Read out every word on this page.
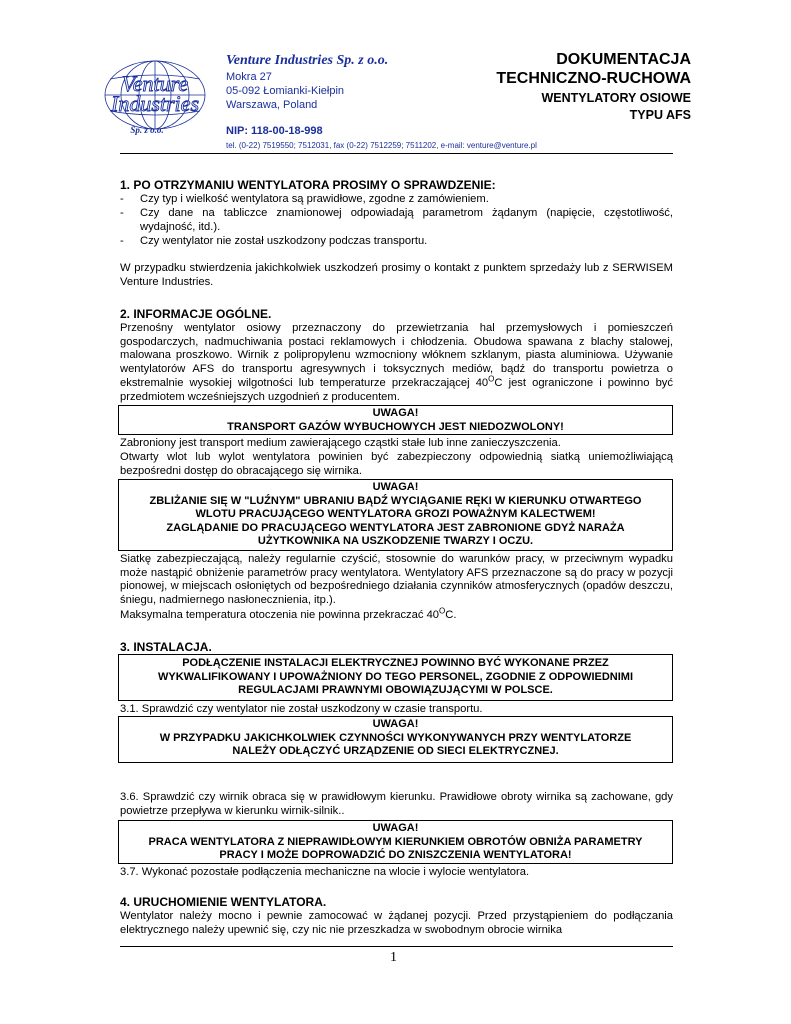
Venture
Industries
Sp. z o.o.
Venture Industries Sp. z o.o.
Mokra 27
05-092 Łomianki-Kiełpin
Warszawa, Poland
NIP: 118-00-18-998
tel. (0-22) 7519550; 7512031, fax (0-22) 7512259; 7511202, e-mail: venture@venture.pl
DOKUMENTACJA
TECHNICZNO-RUCHOWA
WENTYLATORY OSIOWE
TYPU AFS
1. PO OTRZYMANIU WENTYLATORA PROSIMY O SPRAWDZENIE:
- Czy typ i wielkość wentylatora są prawidłowe, zgodne z zamówieniem.
- Czy dane na tabliczce znamionowej odpowiadają parametrom żądanym (napięcie, częstotliwość, wydajność, itd.).
- Czy wentylator nie został uszkodzony podczas transportu.
W przypadku stwierdzenia jakichkolwiek uszkodzeń prosimy o kontakt z punktem sprzedaży lub z SERWISEM Venture Industries.
2. INFORMACJE OGÓLNE.
Przenośny wentylator osiowy przeznaczony do przewietrzania hal przemysłowych i pomieszczeń gospodarczych, nadmuchiwania postaci reklamowych i chłodzenia. Obudowa spawana z blachy stalowej, malowana proszkowo. Wirnik z polipropylenu wzmocniony włóknem szklanym, piasta aluminiowa. Używanie wentylatorów AFS do transportu agresywnych i toksycznych mediów, bądź do transportu powietrza o ekstremalnie wysokiej wilgotności lub temperaturze przekraczającej $40^OC$ jest ograniczone i powinno być przedmiotem wcześniejszych uzgodnień z producentem.
UWAGA!
TRANSPORT GAZÓW WYBUCHOWYCH JEST NIEDOZWOLONY!
Zabroniony jest transport medium zawierającego cząstki stałe lub inne zanieczyszczenia.
Otwarty wlot lub wylot wentylatora powinien być zabezpieczony odpowiednią siatką uniemożliwiającą bezpośredni dostęp do obracającego się wirnika.
UWAGA!
ZBLIŻANIE SIĘ W "LUŹNYM" UBRANIU BĄDŹ WYCIĄGANIE RĘKI W KIERUNKU OTWARTEGO
WLOTU PRACUJĄCEGO WENTYLATORA GROZI POWAŻNYM KALECTWEM!
ZAGLĄDANIE DO PRACUJĄCEGO WENTYLATORA JEST ZABRONIONE GDYŻ NARAŻA
UŻYTKOWNIKA NA USZKODZENIE TWARZY I OCZU.
Siatkę zabezpieczającą, należy regularnie czyścić, stosownie do warunków pracy, w przeciwnym wypadku może nastąpić obniżenie parametrów pracy wentylatora. Wentylatory AFS przeznaczone są do pracy w pozycji pionowej, w miejscach osłoniętych od bezpośredniego działania czynników atmosferycznych (opadów deszczu, śniegu, nadmiernego nasłonecznienia, itp.).
Maksymalna temperatura otoczenia nie powinna przekraczać $40^OC$.
3. INSTALACJA.
PODŁĄCZENIE INSTALACJI ELEKTRYCZNEJ POWINNO BYĆ WYKONANE PRZEZ
WYKWALIFIKOWANY I UPOWAŻNIONY DO TEGO PERSONEL, ZGODNIE Z ODPOWIEDNIMI
REGULACJAMI PRAWNYMI OBOWIĄZUJĄCYMI W POLSCE.
3.1. Sprawdzić czy wentylator nie został uszkodzony w czasie transportu.
UWAGA!
W PRZYPADKU JAKICHKOLWIEK CZYNNOŚCI WYKONYWANYCH PRZY WENTYLATORZE
NALEŻY ODŁĄCZYĆ URZĄDZENIE OD SIECI ELEKTRYCZNEJ.
3.6. Sprawdzić czy wirnik obraca się w prawidłowym kierunku. Prawidłowe obroty wirnika są zachowane, gdy powietrze przepływa w kierunku wirnik-silnik..
UWAGA!
PRACA WENTYLATORA Z NIEPRAWIDŁOWYM KIERUNKIEM OBROTÓW OBNIŻA PARAMETRY
PRACY I MOŻE DOPROWADZIĆ DO ZNISZCZENIA WENTYLATORA!
3.7. Wykonać pozostałe podłączenia mechaniczne na wlocie i wylocie wentylatora.
4. URUCHOMIENIE WENTYLATORA.
Wentylator należy mocno i pewnie zamocować w żądanej pozycji. Przed przystąpieniem do podłączania elektrycznego należy upewnić się, czy nic nie przeszkadza w swobodnym obrocie wirnika
1
